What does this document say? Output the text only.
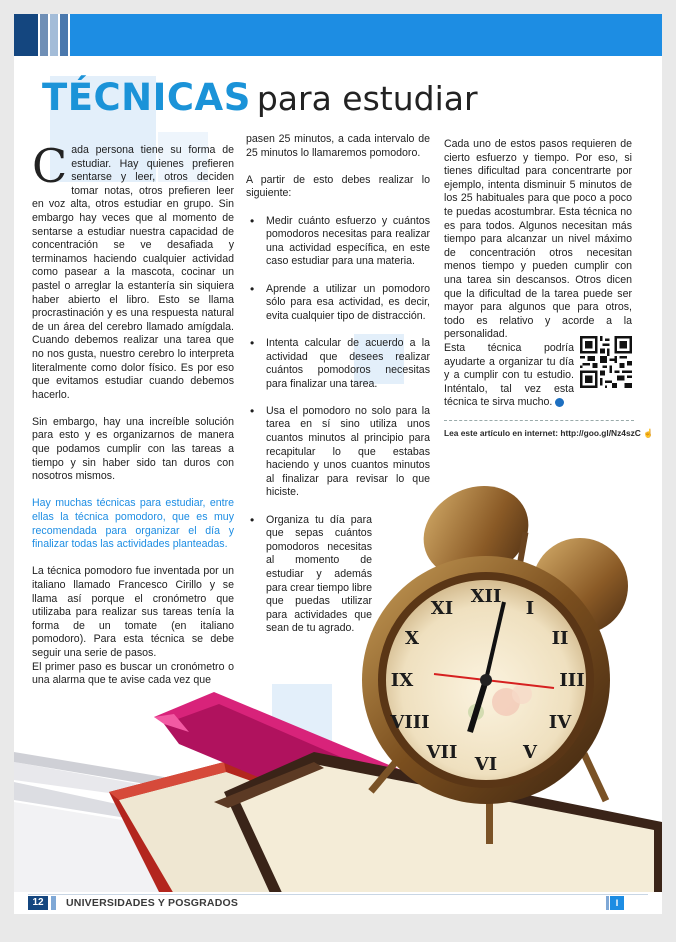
TÉCNICAS para estudiar

Cada persona tiene su forma de estudiar. Hay quienes prefieren sentarse y leer, otros deciden tomar notas, otros prefieren leer en voz alta, otros estudiar en grupo. Sin embargo hay veces que al momento de sentarse a estudiar nuestra capacidad de concentración se ve desafiada y terminamos haciendo cualquier actividad como pasear a la mascota, cocinar un pastel o arreglar la estantería sin siquiera haber abierto el libro. Esto se llama procrastinación y es una respuesta natural de un área del cerebro llamado amígdala. Cuando debemos realizar una tarea que no nos gusta, nuestro cerebro lo interpreta literalmente como dolor físico. Es por eso que evitamos estudiar cuando debemos hacerlo.

Sin embargo, hay una increíble solución para esto y es organizarnos de manera que podamos cumplir con las tareas a tiempo y sin haber sido tan duros con nosotros mismos.

Hay muchas técnicas para estudiar, entre ellas la técnica pomodoro, que es muy recomendada para organizar el día y finalizar todas las actividades planteadas.

La técnica pomodoro fue inventada por un italiano llamado Francesco Cirillo y se llama así porque el cronómetro que utilizaba para realizar sus tareas tenía la forma de un tomate (en italiano pomodoro). Para esta técnica se debe seguir una serie de pasos.

El primer paso es buscar un cronómetro o una alarma que te avise cada vez que

pasen 25 minutos, a cada intervalo de 25 minutos lo llamaremos pomodoro.

A partir de esto debes realizar lo siguiente:

• Medir cuánto esfuerzo y cuántos pomodoros necesitas para realizar una actividad específica, en este caso estudiar para una materia.
• Aprende a utilizar un pomodoro sólo para esa actividad, es decir, evita cualquier tipo de distracción.
• Intenta calcular de acuerdo a la actividad que desees realizar cuántos pomodoros necesitas para finalizar una tarea.
• Usa el pomodoro no solo para la tarea en sí sino utiliza unos cuantos minutos al principio para recapitular lo que estabas haciendo y unos cuantos minutos al finalizar para revisar lo que hiciste.
• Organiza tu día para que sepas cuántos pomodoros necesitas al momento de estudiar y además para crear tiempo libre que puedas utilizar para actividades que sean de tu agrado.

Cada uno de estos pasos requieren de cierto esfuerzo y tiempo. Por eso, si tienes dificultad para concentrarte por ejemplo, intenta disminuir 5 minutos de los 25 habituales para que poco a poco te puedas acostumbrar. Esta técnica no es para todos. Algunos necesitan más tiempo para alcanzar un nivel máximo de concentración otros necesitan menos tiempo y pueden cumplir con una tarea sin descansos. Otros dicen que la dificultad de la tarea puede ser mayor para algunos que para otros, todo es relativo y acorde a la personalidad.

Esta técnica podría ayudarte a organizar tu día y a cumplir con tu estudio. Inténtalo, tal vez esta técnica te sirva mucho.

Lea este artículo en internet: http://goo.gl/Nz4szC ☝
XII
I
II
III
IV
V
VI
VII
VIII
IX
X
XI
12	UNIVERSIDADES Y POSGRADOS	I
